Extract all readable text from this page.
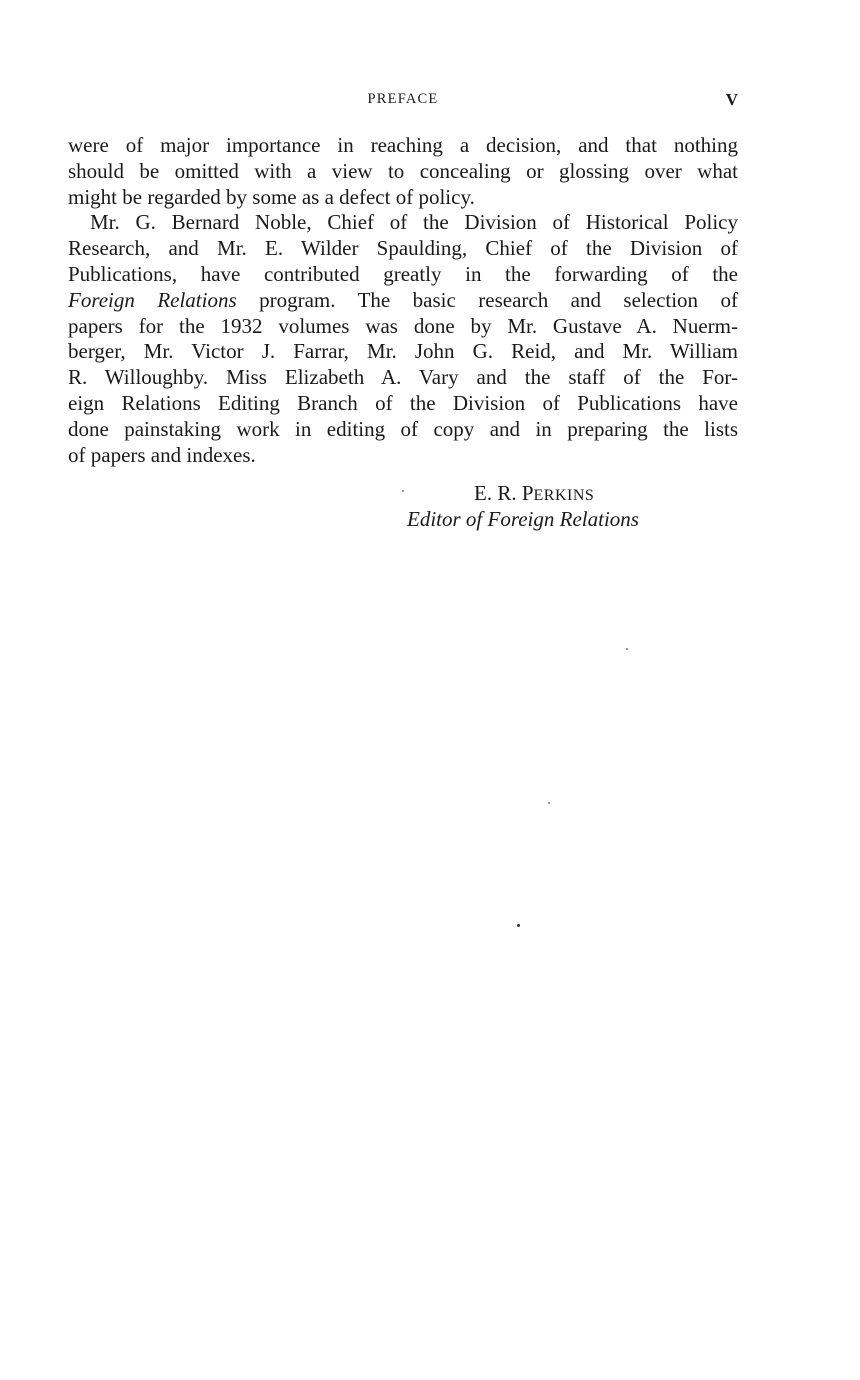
PREFACE	V
were of major importance in reaching a decision, and that nothing
should be omitted with a view to concealing or glossing over what
might be regarded by some as a defect of policy.
Mr. G. Bernard Noble, Chief of the Division of Historical Policy
Research, and Mr. E. Wilder Spaulding, Chief of the Division of
Publications, have contributed greatly in the forwarding of the
Foreign Relations program. The basic research and selection of
papers for the 1932 volumes was done by Mr. Gustave A. Nuerm-
berger, Mr. Victor J. Farrar, Mr. John G. Reid, and Mr. William
R. Willoughby. Miss Elizabeth A. Vary and the staff of the For-
eign Relations Editing Branch of the Division of Publications have
done painstaking work in editing of copy and in preparing the lists
of papers and indexes.
E. R. PERKINS
Editor of Foreign Relations
